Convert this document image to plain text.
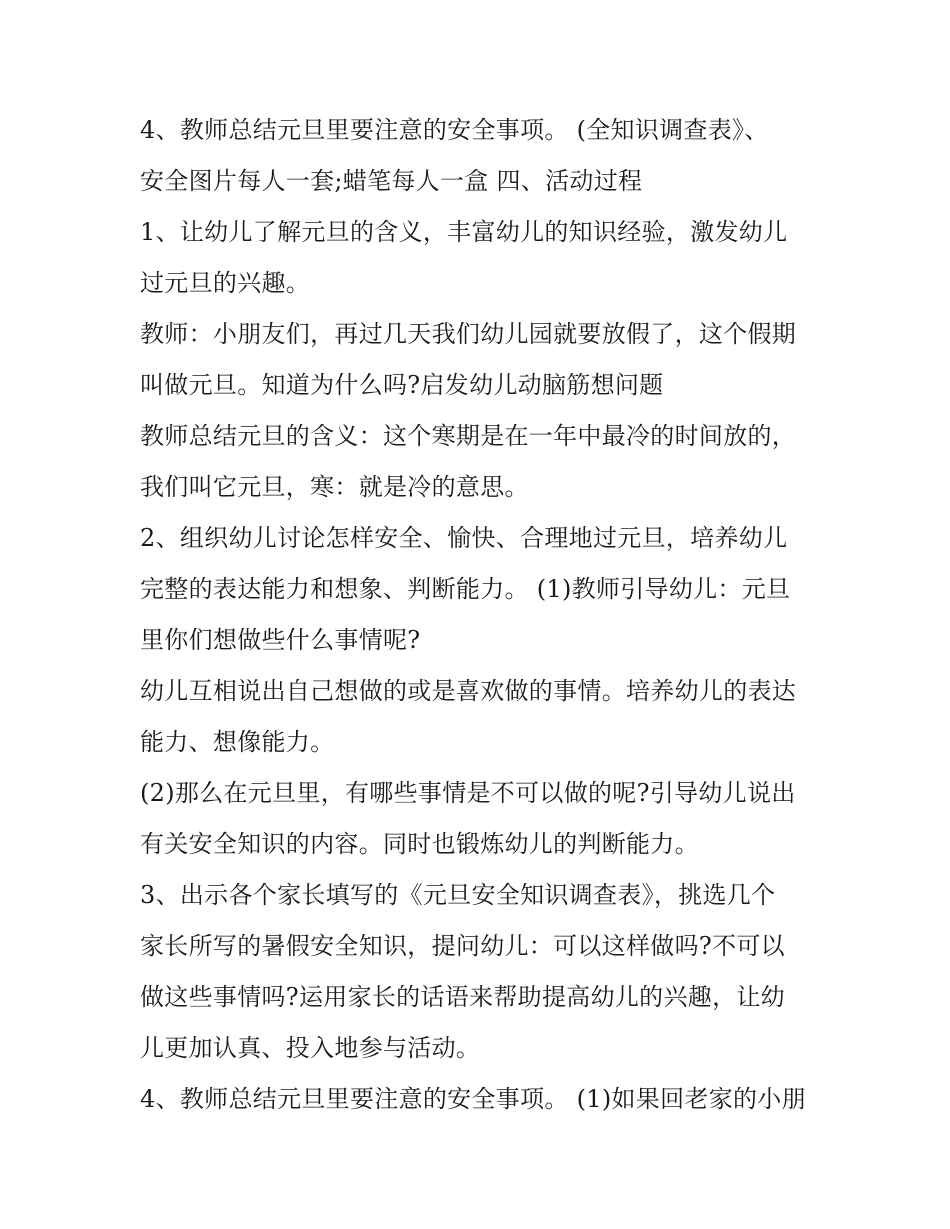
4、教师总结元旦里要注意的安全事项。 (全知识调查表》、
安全图片每人一套;蜡笔每人一盒 四、活动过程
1、让幼儿了解元旦的含义，丰富幼儿的知识经验，激发幼儿
过元旦的兴趣。
教师：小朋友们，再过几天我们幼儿园就要放假了，这个假期
叫做元旦。知道为什么吗?启发幼儿动脑筋想问题
教师总结元旦的含义：这个寒期是在一年中最冷的时间放的，
我们叫它元旦，寒：就是冷的意思。
2、组织幼儿讨论怎样安全、愉快、合理地过元旦，培养幼儿
完整的表达能力和想象、判断能力。 (1)教师引导幼儿：元旦
里你们想做些什么事情呢?
幼儿互相说出自己想做的或是喜欢做的事情。培养幼儿的表达
能力、想像能力。
(2)那么在元旦里，有哪些事情是不可以做的呢?引导幼儿说出
有关安全知识的内容。同时也锻炼幼儿的判断能力。
3、出示各个家长填写的《元旦安全知识调查表》，挑选几个
家长所写的暑假安全知识，提问幼儿：可以这样做吗?不可以
做这些事情吗?运用家长的话语来帮助提高幼儿的兴趣，让幼
儿更加认真、投入地参与活动。
4、教师总结元旦里要注意的安全事项。 (1)如果回老家的小朋
